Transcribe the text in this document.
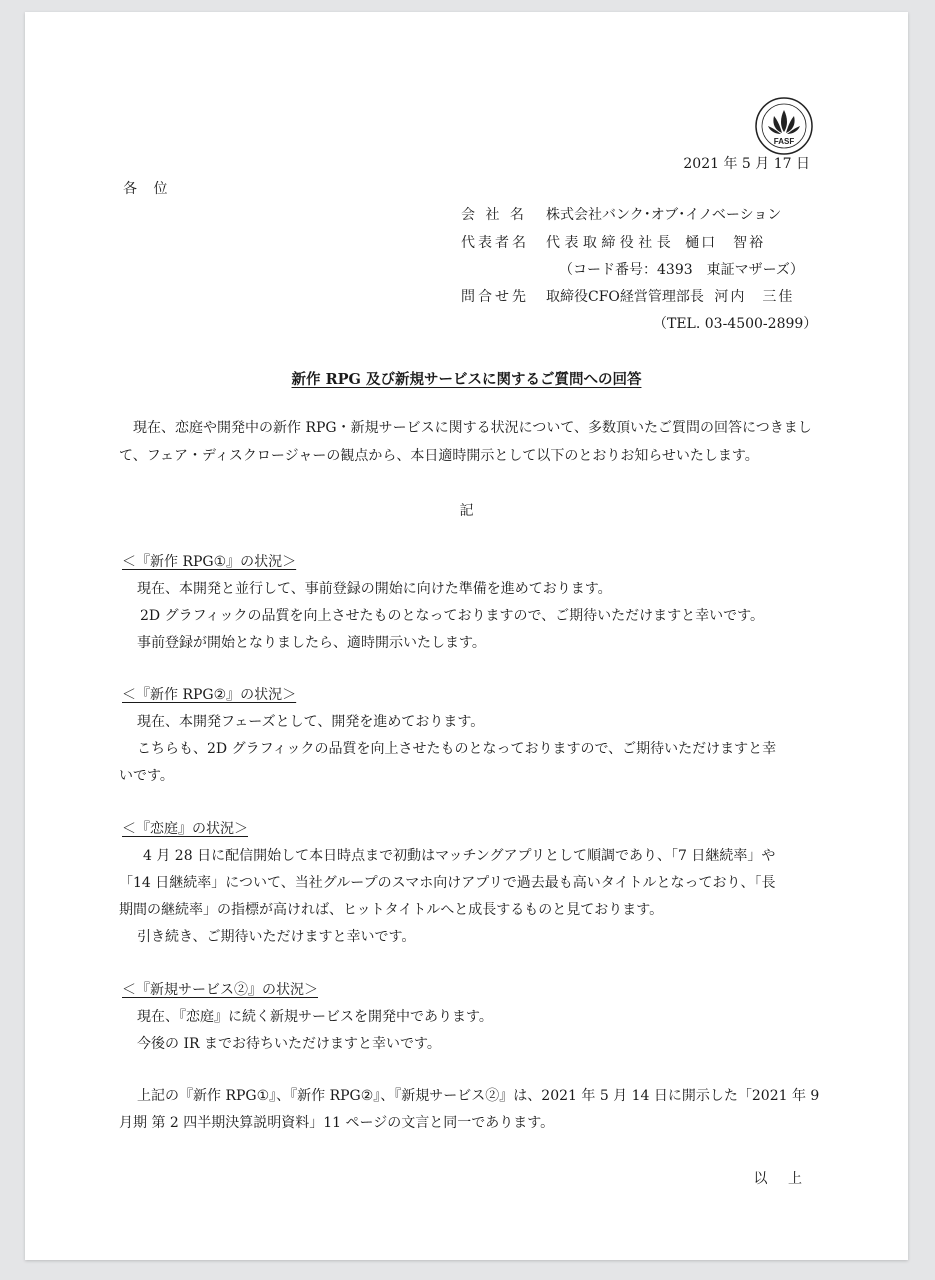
FASF
2021 年 5 月 17 日
各 位
会 社 名 株式会社バンク･オブ･イノベーション
代表者名 代 表 取 締 役 社 長 樋口　智裕
（コード番号：4393　東証マザーズ）
問合せ先 取締役CFO経営管理部長 河内　三佳
（TEL. 03-4500-2899）
新作 RPG 及び新規サービスに関するご質問への回答
　現在、恋庭や開発中の新作 RPG・新規サービスに関する状況について、多数頂いたご質問の回答につきまして、フェア・ディスクロージャーの観点から、本日適時開示として以下のとおりお知らせいたします。
記
＜『新作 RPG①』の状況＞
現在、本開発と並行して、事前登録の開始に向けた準備を進めております。
2D グラフィックの品質を向上させたものとなっておりますので、ご期待いただけますと幸いです。
事前登録が開始となりましたら、適時開示いたします。
＜『新作 RPG②』の状況＞
現在、本開発フェーズとして、開発を進めております。
こちらも、2D グラフィックの品質を向上させたものとなっておりますので、ご期待いただけますと幸
いです。
＜『恋庭』の状況＞
4 月 28 日に配信開始して本日時点まで初動はマッチングアプリとして順調であり、「7 日継続率」や
「14 日継続率」について、当社グループのスマホ向けアプリで過去最も高いタイトルとなっており、「長
期間の継続率」の指標が高ければ、ヒットタイトルへと成長するものと見ております。
引き続き、ご期待いただけますと幸いです。
＜『新規サービス②』の状況＞
現在、『恋庭』に続く新規サービスを開発中であります。
今後の IR までお待ちいただけますと幸いです。
上記の『新作 RPG①』、『新作 RPG②』、『新規サービス②』は、2021 年 5 月 14 日に開示した「2021 年 9
月期 第 2 四半期決算説明資料」11 ページの文言と同一であります。
以 上
